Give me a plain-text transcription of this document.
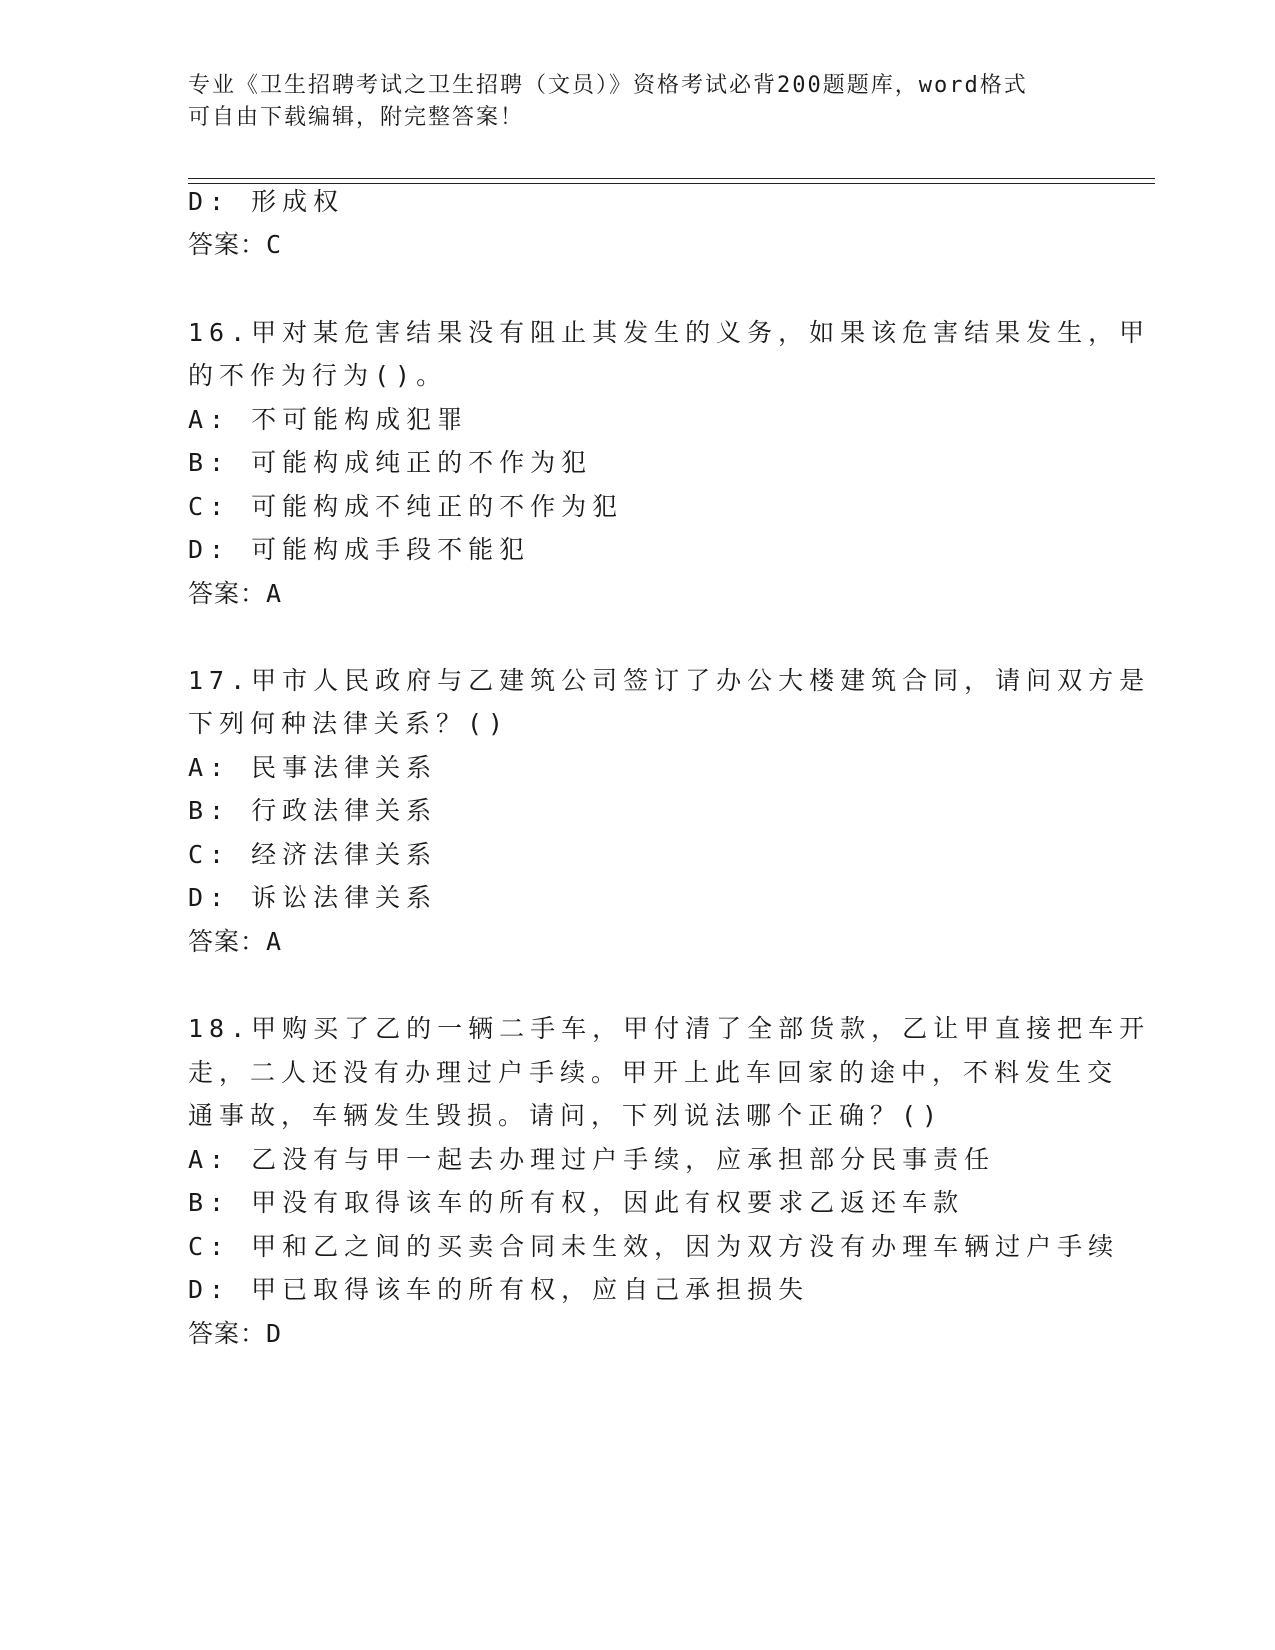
专业《卫生招聘考试之卫生招聘（文员）》资格考试必背200题题库，word格式
可自由下载编辑，附完整答案！
D: 形成权
答案：C
16.甲对某危害结果没有阻止其发生的义务，如果该危害结果发生，甲
的不作为行为()。
A: 不可能构成犯罪
B: 可能构成纯正的不作为犯
C: 可能构成不纯正的不作为犯
D: 可能构成手段不能犯
答案：A
17.甲市人民政府与乙建筑公司签订了办公大楼建筑合同，请问双方是
下列何种法律关系？()
A: 民事法律关系
B: 行政法律关系
C: 经济法律关系
D: 诉讼法律关系
答案：A
18.甲购买了乙的一辆二手车，甲付清了全部货款，乙让甲直接把车开
走，二人还没有办理过户手续。甲开上此车回家的途中，不料发生交
通事故，车辆发生毁损。请问，下列说法哪个正确？()
A: 乙没有与甲一起去办理过户手续，应承担部分民事责任
B: 甲没有取得该车的所有权，因此有权要求乙返还车款
C: 甲和乙之间的买卖合同未生效，因为双方没有办理车辆过户手续
D: 甲已取得该车的所有权，应自己承担损失
答案：D
